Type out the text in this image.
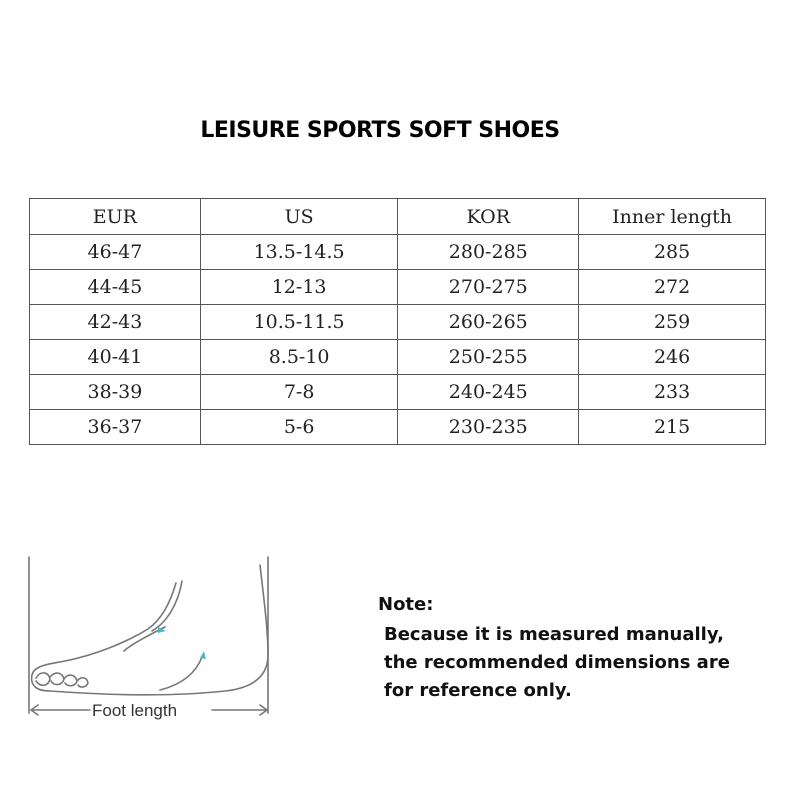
LEISURE SPORTS SOFT SHOES
EUR	US	KOR	Inner length
46-47	13.5-14.5	280-285	285
44-45	12-13	270-275	272
42-43	10.5-11.5	260-265	259
40-41	8.5-10	250-255	246
38-39	7-8	240-245	233
36-37	5-6	230-235	215
Foot length
Note:
Because it is measured manually,
the recommended dimensions are
for reference only.
